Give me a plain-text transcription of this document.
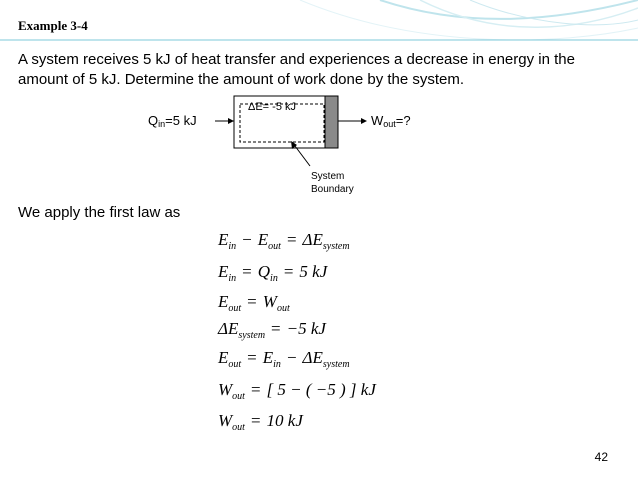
Example 3-4
A system receives 5 kJ of heat transfer and experiences a decrease in energy in the amount of 5 kJ. Determine the amount of work done by the system.
$Q_{in}=5$ kJ
ΔE= -5 kJ
$W_{out}=$?
System
Boundary
We apply the first law as
$E_{in} - E_{out} = \Delta E_{system}$
$E_{in} = Q_{in} = 5$ kJ
$E_{out} = W_{out}$
$\Delta E_{system} = -5$ kJ
$E_{out} = E_{in} - \Delta E_{system}$
$W_{out}$ = [ 5 − ( −5 ) ] kJ
$W_{out} = 10$ kJ
42
